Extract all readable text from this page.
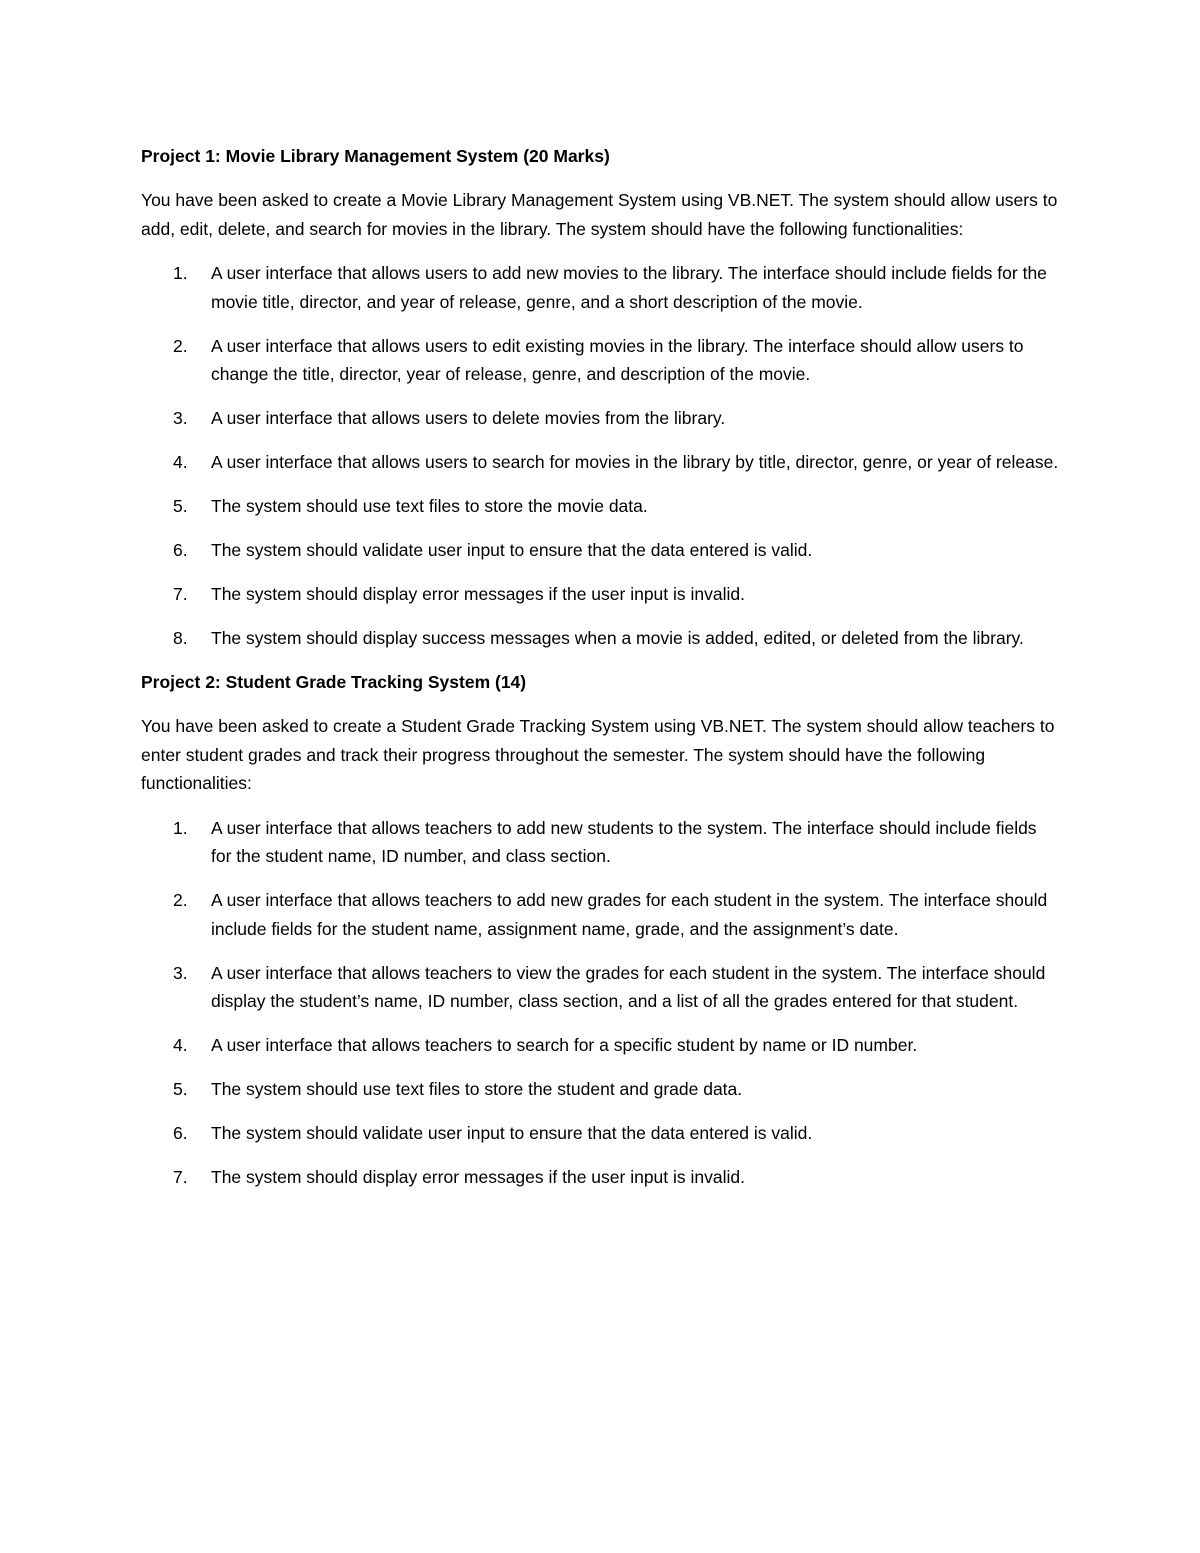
Project 1: Movie Library Management System (20 Marks)
You have been asked to create a Movie Library Management System using VB.NET. The system should allow users to add, edit, delete, and search for movies in the library. The system should have the following functionalities:
1.	A user interface that allows users to add new movies to the library. The interface should include fields for the movie title, director, and year of release, genre, and a short description of the movie.
2.	A user interface that allows users to edit existing movies in the library. The interface should allow users to change the title, director, year of release, genre, and description of the movie.
3.	A user interface that allows users to delete movies from the library.
4.	A user interface that allows users to search for movies in the library by title, director, genre, or year of release.
5.	The system should use text files to store the movie data.
6.	The system should validate user input to ensure that the data entered is valid.
7.	The system should display error messages if the user input is invalid.
8.	The system should display success messages when a movie is added, edited, or deleted from the library.
Project 2: Student Grade Tracking System (14)
You have been asked to create a Student Grade Tracking System using VB.NET. The system should allow teachers to enter student grades and track their progress throughout the semester. The system should have the following functionalities:
1.	A user interface that allows teachers to add new students to the system. The interface should include fields for the student name, ID number, and class section.
2.	A user interface that allows teachers to add new grades for each student in the system. The interface should include fields for the student name, assignment name, grade, and the assignment’s date.
3.	A user interface that allows teachers to view the grades for each student in the system. The interface should display the student’s name, ID number, class section, and a list of all the grades entered for that student.
4.	A user interface that allows teachers to search for a specific student by name or ID number.
5.	The system should use text files to store the student and grade data.
6.	The system should validate user input to ensure that the data entered is valid.
7.	The system should display error messages if the user input is invalid.
